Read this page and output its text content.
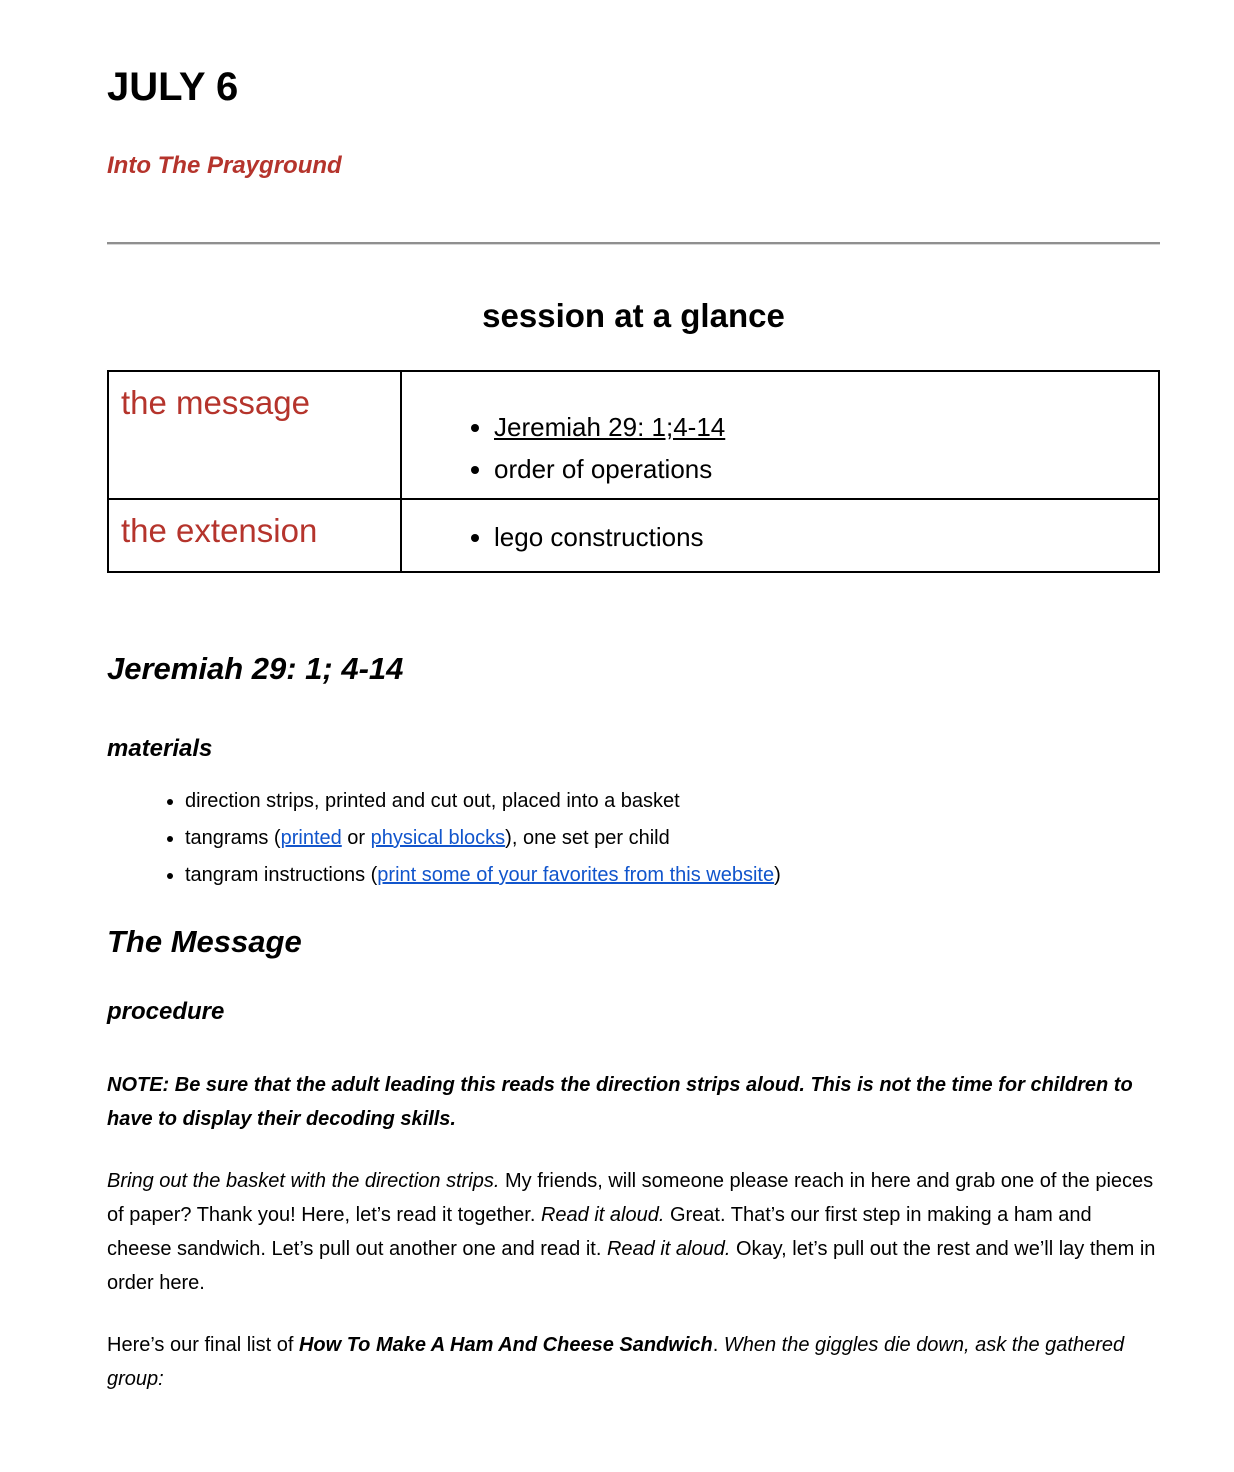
JULY 6
Into The Prayground
session at a glance
the message	
• Jeremiah 29: 1;4-14
• order of operations

the extension	
•lego constructions
Jeremiah 29: 1; 4-14
materials
• direction strips, printed and cut out, placed into a basket
• tangrams (printed or physical blocks), one set per child
• tangram instructions (print some of your favorites from this website)
The Message
procedure

NOTE: Be sure that the adult leading this reads the direction strips aloud. This is not the time for children to have to display their decoding skills.

Bring out the basket with the direction strips. My friends, will someone please reach in here and grab one of the pieces of paper? Thank you! Here, let’s read it together. Read it aloud. Great. That’s our first step in making a ham and cheese sandwich. Let’s pull out another one and read it. Read it aloud. Okay, let’s pull out the rest and we’ll lay them in order here.

Here’s our final list of How To Make A Ham And Cheese Sandwich. When the giggles die down, ask the gathered group:
